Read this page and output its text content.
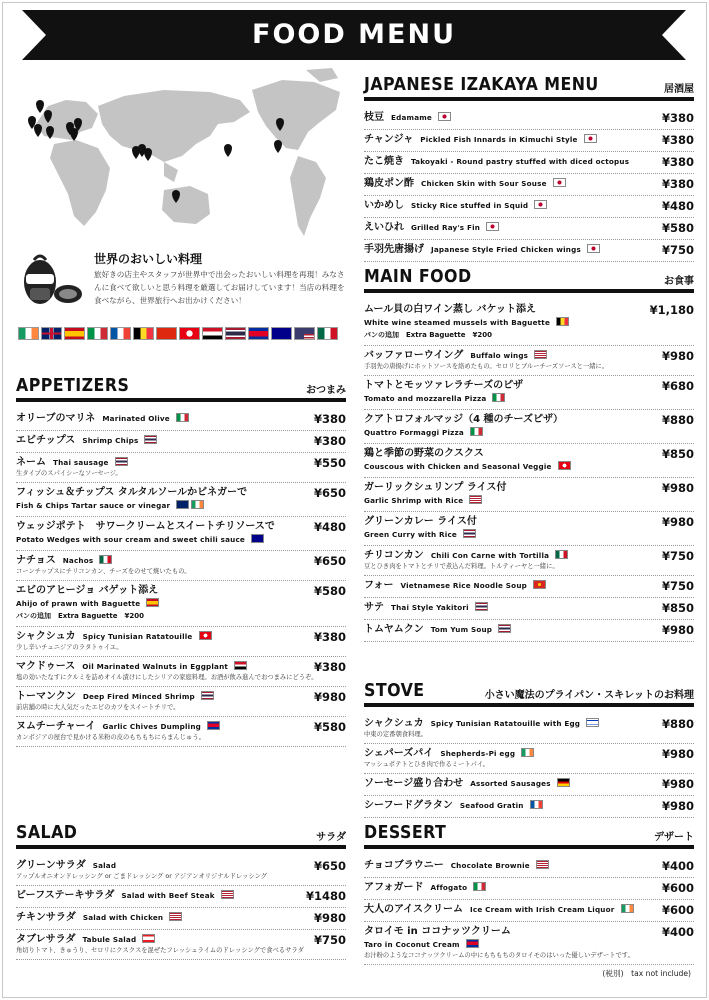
FOOD MENU
世界のおいしい料理
旅好きの店主やスタッフが世界中で出会ったおいしい料理を再現！みなさんに食べて欲しいと思う料理を厳選してお届けしています！当店の料理を食べながら、世界旅行へお出かけください！
APPETIZERS	おつまみ
オリーブのマリネ Marinated Olive	¥380
エビチップス Shrimp Chips	¥380
ネーム Thai sausage
生タイプのスパイシーなソーセージ。
¥550
フィッシュ＆チップス タルタルソールかビネガーで
Fish & Chips Tartar sauce or vinegar
¥650
ウェッジポテト　サワークリームとスイートチリソースで
Potato Wedges with sour cream and sweet chili sauce
¥480
ナチョス Nachos
コーンチップスにチリコンカン、チーズをのせて焼いたもの。
¥650
エビのアヒージョ バゲット添え
Ahijo of prawn with Baguette
パンの追加　Extra Baguette　¥200
¥580
シャクシュカ Spicy Tunisian Ratatouille
少し辛いチュニジアのラタトゥイユ。
¥380
マクドゥース Oil Marinated Walnuts in Eggplant
塩の効いたなすにクルミを詰めオイル漬けにしたシリアの家庭料理。お酒が飲み進んでおつまみにどうぞ。
¥380
トーマンクン Deep Fired Minced Shrimp
前店舗の時に大人気だったエビのカツをスイートチリで。
¥980
ヌムチーチャーイ Garlic Chives Dumpling
カンボジアの屋台で見かける米粉の皮のもちもちにらまんじゅう。
¥580
SALAD	サラダ
グリーンサラダ Salad
アップルオニオンドレッシング or ごまドレッシング or アジアンオリジナルドレッシング
¥650
ビーフステーキサラダ Salad with Beef Steak	¥1480
チキンサラダ Salad with Chicken	¥980
タブレサラダ Tabule Salad
角切りトマト、きゅうり、セロリにクスクスを混ぜたフレッシュライムのドレッシングで食べるサラダ
¥750
JAPANESE IZAKAYA MENU	居酒屋
枝豆 Edamame	¥380
チャンジャ Pickled Fish Innards in Kimuchi Style	¥380
たこ焼き Takoyaki - Round pastry stuffed with diced octopus	¥380
鶏皮ポン酢 Chicken Skin with Sour Souse	¥380
いかめし Sticky Rice stuffed in Squid	¥480
えいひれ Grilled Ray's Fin	¥580
手羽先唐揚げ Japanese Style Fried Chicken wings	¥750
MAIN FOOD	お食事
ムール貝の白ワイン蒸し バケット添え
White wine steamed mussels with Baguette
パンの追加　Extra Baguette　¥200
¥1,180
バッファローウイング Buffalo wings
手羽先の唐揚げにホットソースを絡めたもの。セロリとブルーチーズソースと一緒に。
¥980
トマトとモッツァレラチーズのピザ
Tomato and mozzarella Pizza
¥680
クアトロフォルマッジ（4 種のチーズピザ）
Quattro Formaggi Pizza
¥880
鶏と季節の野菜のクスクス
Couscous with Chicken and Seasonal Veggie
¥850
ガーリックシュリンプ ライス付
Garlic Shrimp with Rice
¥980
グリーンカレー ライス付
Green Curry with Rice
¥980
チリコンカン Chili Con Carne with Tortilla
豆とひき肉をトマトとチリで煮込んだ料理。トルティーヤと一緒に。
¥750
フォー Vietnamese Rice Noodle Soup	¥750
サテ Thai Style Yakitori	¥850
トムヤムクン Tom Yum Soup	¥980
STOVE	小さい魔法のプライパン・スキレットのお料理
シャクシュカ Spicy Tunisian Ratatouille with Egg
中東の定番朝食料理。
¥880
シェパーズパイ Shepherds-Pi egg
マッシュポテトとひき肉で作るミートパイ。
¥980
ソーセージ盛り合わせ Assorted Sausages	¥980
シーフードグラタン Seafood Gratin	¥980
DESSERT	デザート
チョコブラウニー Chocolate Brownie	¥400
アフォガード Affogato	¥600
大人のアイスクリーム Ice Cream with Irish Cream Liquor	¥600
タロイモ in ココナッツクリーム
Taro in Coconut Cream
お汁粉のようなココナッツクリームの中にもちもちのタロイモのはいった優しいデザートです。
¥400
(税別)　tax not include)
